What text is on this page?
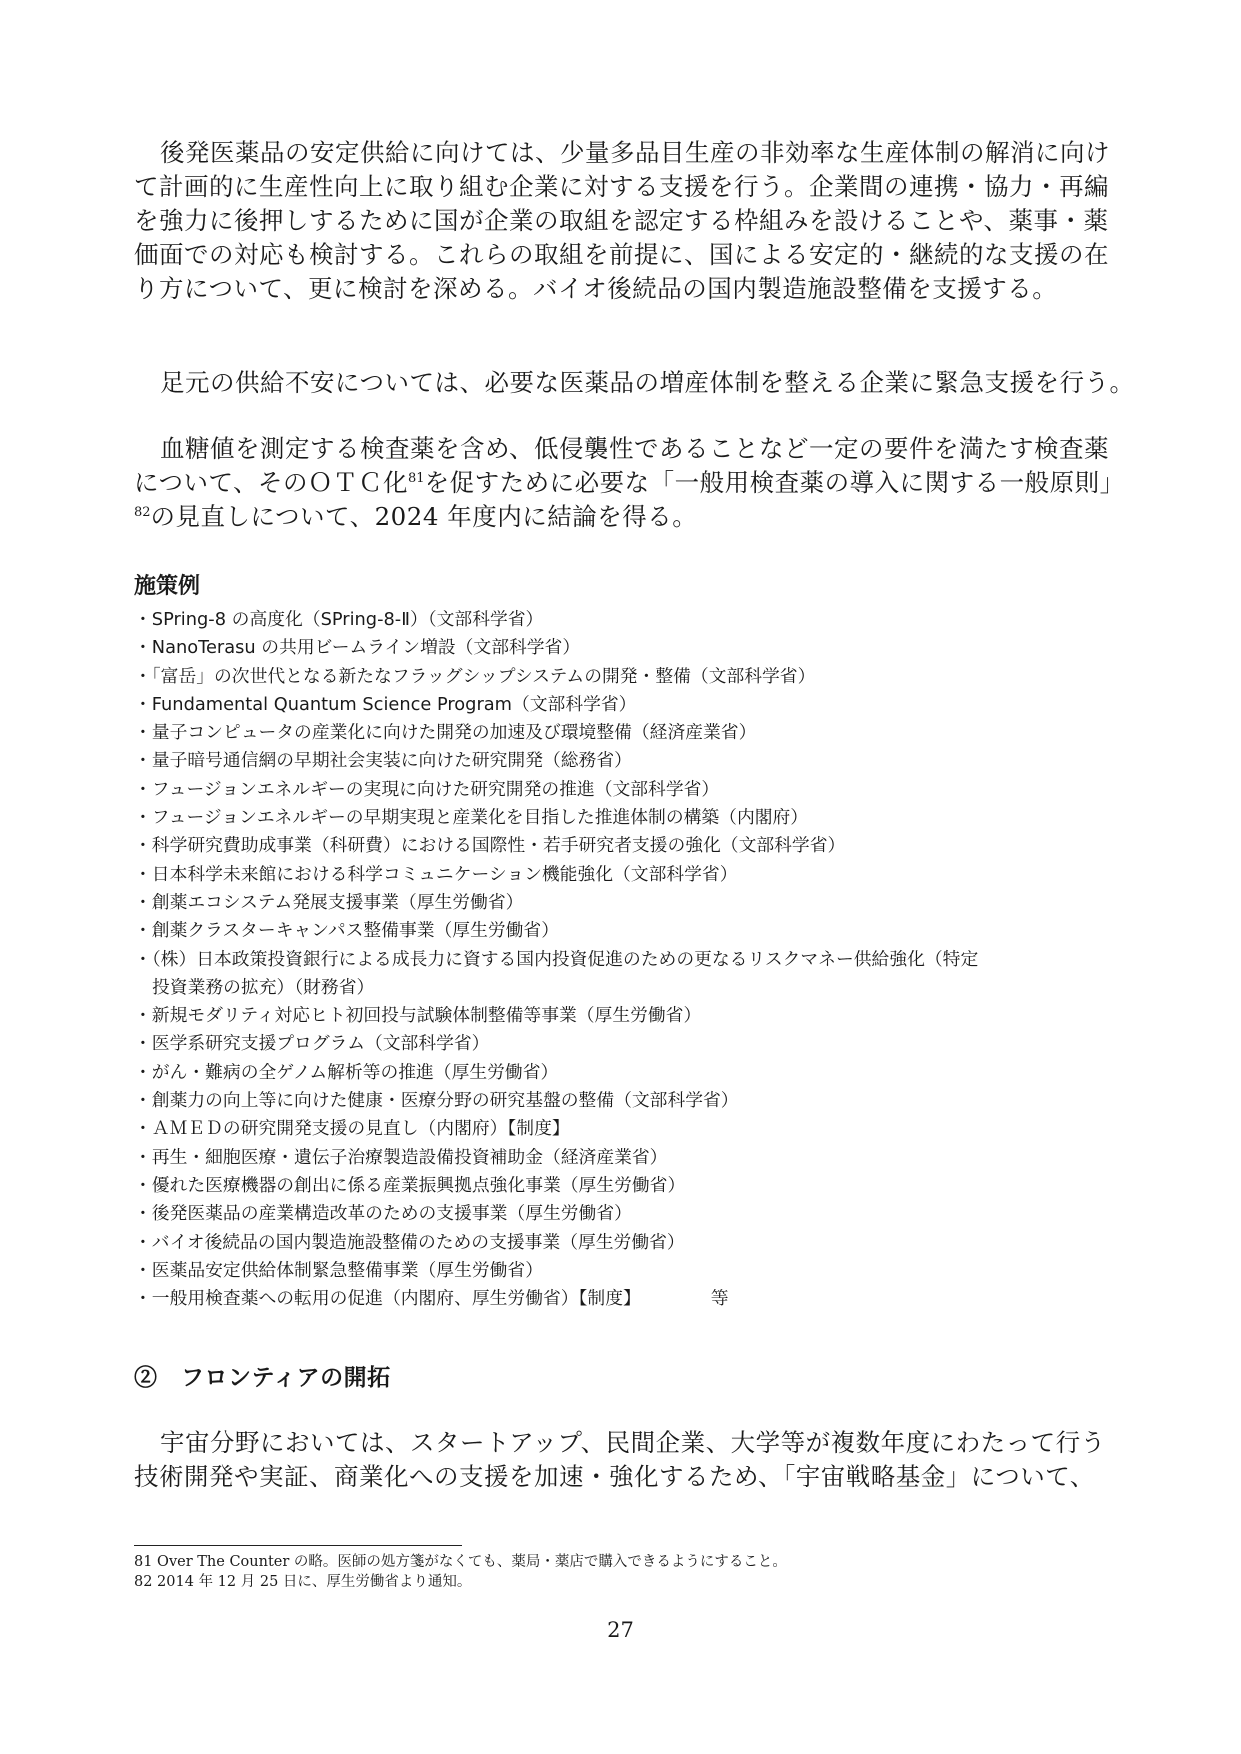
後発医薬品の安定供給に向けては、少量多品目生産の非効率な生産体制の解消に向け
て計画的に生産性向上に取り組む企業に対する支援を行う。企業間の連携・協力・再編
を強力に後押しするために国が企業の取組を認定する枠組みを設けることや、薬事・薬
価面での対応も検討する。これらの取組を前提に、国による安定的・継続的な支援の在
り方について、更に検討を深める。バイオ後続品の国内製造施設整備を支援する。
足元の供給不安については、必要な医薬品の増産体制を整える企業に緊急支援を行う。
血糖値を測定する検査薬を含め、低侵襲性であることなど一定の要件を満たす検査薬
について、そのＯＴＣ化$^{81}$を促すために必要な「一般用検査薬の導入に関する一般原則」
$^{82}$の見直しについて、2024 年度内に結論を得る。
施策例
・SPring-8 の高度化（SPring-8-Ⅱ）（文部科学省）
・NanoTerasu の共用ビームライン増設（文部科学省）
・「富岳」の次世代となる新たなフラッグシップシステムの開発・整備（文部科学省）
・Fundamental Quantum Science Program（文部科学省）
・量子コンピュータの産業化に向けた開発の加速及び環境整備（経済産業省）
・量子暗号通信網の早期社会実装に向けた研究開発（総務省）
・フュージョンエネルギーの実現に向けた研究開発の推進（文部科学省）
・フュージョンエネルギーの早期実現と産業化を目指した推進体制の構築（内閣府）
・科学研究費助成事業（科研費）における国際性・若手研究者支援の強化（文部科学省）
・日本科学未来館における科学コミュニケーション機能強化（文部科学省）
・創薬エコシステム発展支援事業（厚生労働省）
・創薬クラスターキャンパス整備事業（厚生労働省）
・（株）日本政策投資銀行による成長力に資する国内投資促進のための更なるリスクマネー供給強化（特定
投資業務の拡充）（財務省）
・新規モダリティ対応ヒト初回投与試験体制整備等事業（厚生労働省）
・医学系研究支援プログラム（文部科学省）
・がん・難病の全ゲノム解析等の推進（厚生労働省）
・創薬力の向上等に向けた健康・医療分野の研究基盤の整備（文部科学省）
・ＡＭＥＤの研究開発支援の見直し（内閣府）【制度】
・再生・細胞医療・遺伝子治療製造設備投資補助金（経済産業省）
・優れた医療機器の創出に係る産業振興拠点強化事業（厚生労働省）
・後発医薬品の産業構造改革のための支援事業（厚生労働省）
・バイオ後続品の国内製造施設整備のための支援事業（厚生労働省）
・医薬品安定供給体制緊急整備事業（厚生労働省）
・一般用検査薬への転用の促進（内閣府、厚生労働省）【制度】	等
②　フロンティアの開拓
宇宙分野においては、スタートアップ、民間企業、大学等が複数年度にわたって行う
技術開発や実証、商業化への支援を加速・強化するため、「宇宙戦略基金」について、
81 Over The Counter の略。医師の処方箋がなくても、薬局・薬店で購入できるようにすること。
82 2014 年 12 月 25 日に、厚生労働省より通知。
27
